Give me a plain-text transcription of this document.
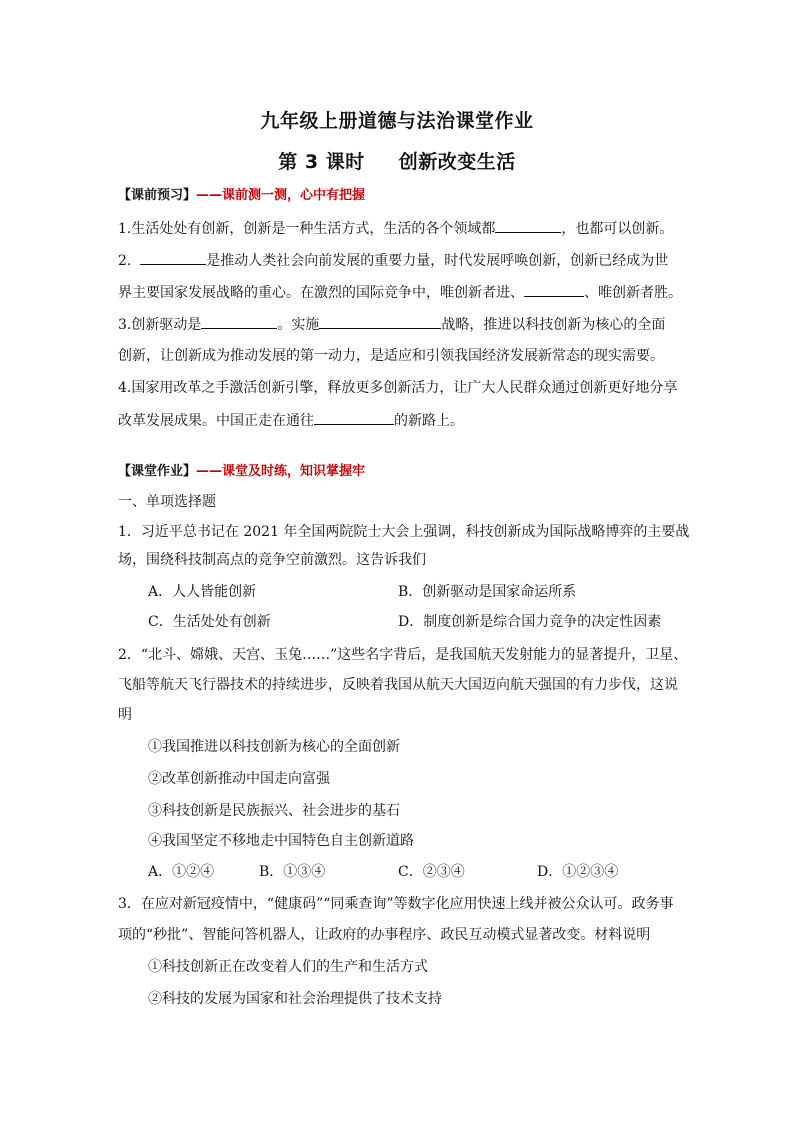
九年级上册道德与法治课堂作业
第 3 课时 创新改变生活
【课前预习】——课前测一测，心中有把握
1.生活处处有创新，创新是一种生活方式，生活的各个领域都	，也都可以创新。
2.	是推动人类社会向前发展的重要力量，时代发展呼唤创新，创新已经成为世
界主要国家发展战略的重心。在激烈的国际竞争中，唯创新者进、	、唯创新者胜。
3.创新驱动是	。实施	战略，推进以科技创新为核心的全面
创新，让创新成为推动发展的第一动力，是适应和引领我国经济发展新常态的现实需要。
4.国家用改革之手激活创新引擎，释放更多创新活力，让广大人民群众通过创新更好地分享
改革发展成果。中国正走在通往	的新路上。
【课堂作业】——课堂及时练，知识掌握牢
一、单项选择题
1．习近平总书记在 2021 年全国两院院士大会上强调，科技创新成为国际战略博弈的主要战
场，围绕科技制高点的竞争空前激烈。这告诉我们
A．人人皆能创新	B．创新驱动是国家命运所系
C．生活处处有创新	D．制度创新是综合国力竞争的决定性因素
2．“北斗、嫦娥、天宫、玉兔……”这些名字背后，是我国航天发射能力的显著提升，卫星、
飞船等航天飞行器技术的持续进步，反映着我国从航天大国迈向航天强国的有力步伐，这说
明
①我国推进以科技创新为核心的全面创新
②改革创新推动中国走向富强
③科技创新是民族振兴、社会进步的基石
④我国坚定不移地走中国特色自主创新道路
A．①②④	B．①③④	C．②③④	D．①②③④
3．在应对新冠疫情中，“健康码”“同乘查询”等数字化应用快速上线并被公众认可。政务事
项的“秒批”、智能问答机器人，让政府的办事程序、政民互动模式显著改变。材料说明
①科技创新正在改变着人们的生产和生活方式
②科技的发展为国家和社会治理提供了技术支持
